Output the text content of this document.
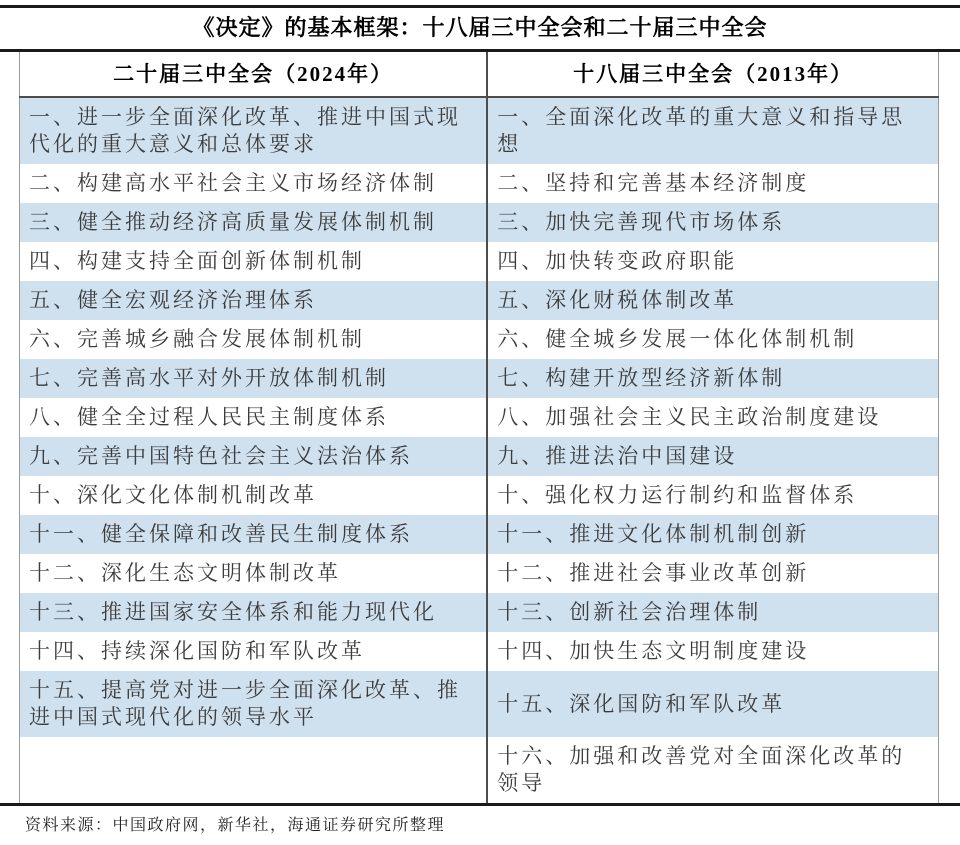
《决定》的基本框架：十八届三中全会和二十届三中全会
二十届三中全会（2024年）	十八届三中全会（2013年）
一、进一步全面深化改革、推进中国式现代化的重大意义和总体要求	一、全面深化改革的重大意义和指导思想
二、构建高水平社会主义市场经济体制	二、坚持和完善基本经济制度
三、健全推动经济高质量发展体制机制	三、加快完善现代市场体系
四、构建支持全面创新体制机制	四、加快转变政府职能
五、健全宏观经济治理体系	五、深化财税体制改革
六、完善城乡融合发展体制机制	六、健全城乡发展一体化体制机制
七、完善高水平对外开放体制机制	七、构建开放型经济新体制
八、健全全过程人民民主制度体系	八、加强社会主义民主政治制度建设
九、完善中国特色社会主义法治体系	九、推进法治中国建设
十、深化文化体制机制改革	十、强化权力运行制约和监督体系
十一、健全保障和改善民生制度体系	十一、推进文化体制机制创新
十二、深化生态文明体制改革	十二、推进社会事业改革创新
十三、推进国家安全体系和能力现代化	十三、创新社会治理体制
十四、持续深化国防和军队改革	十四、加快生态文明制度建设
十五、提高党对进一步全面深化改革、推进中国式现代化的领导水平	十五、深化国防和军队改革
	十六、加强和改善党对全面深化改革的领导
资料来源：中国政府网，新华社，海通证券研究所整理
